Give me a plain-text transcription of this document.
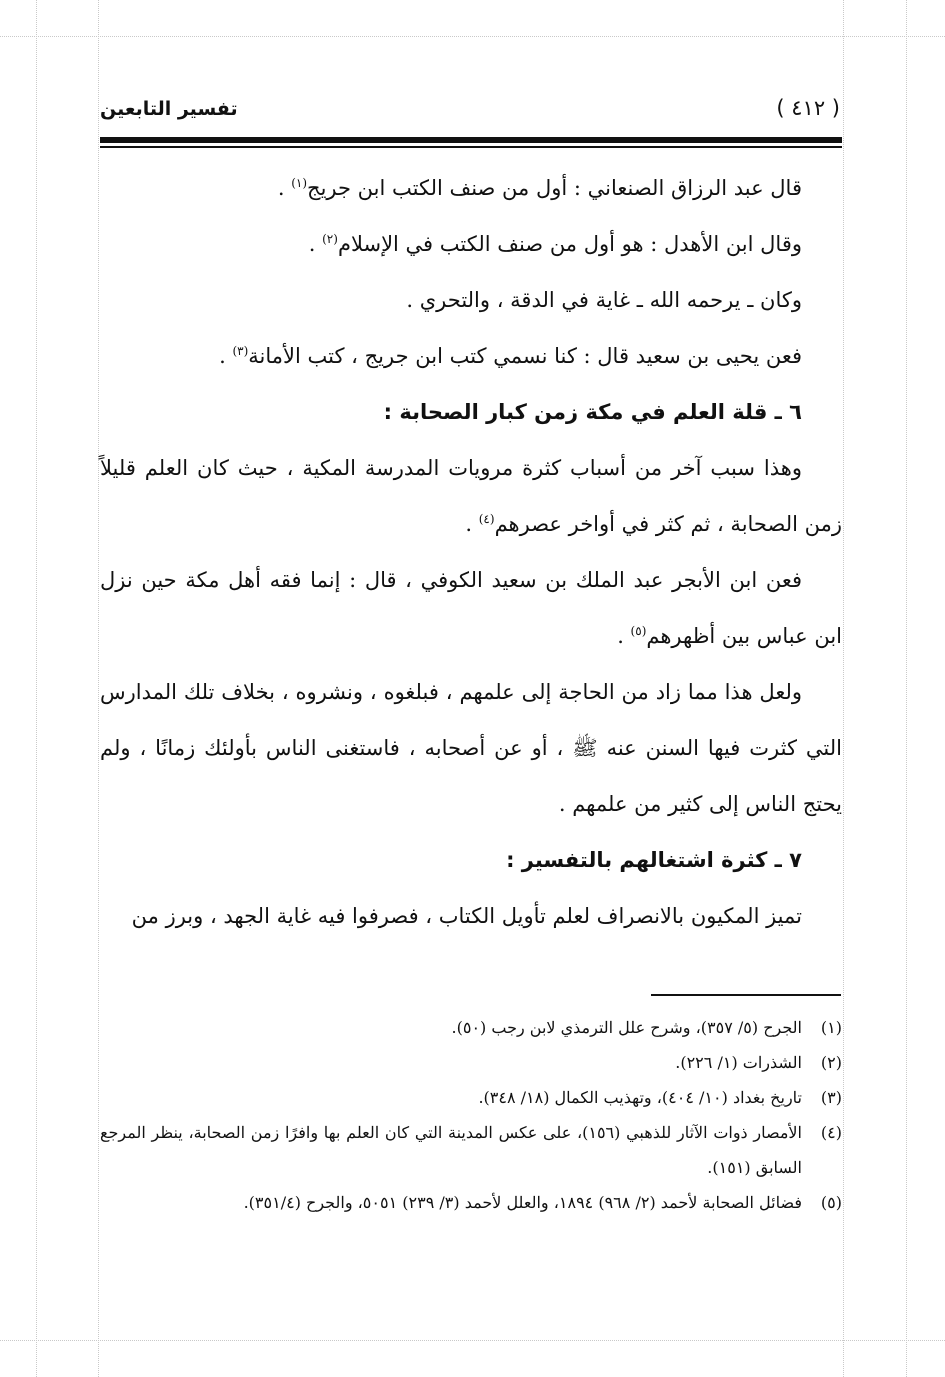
( ٤١٢ )
تفسير التابعين

قال عبد الرزاق الصنعاني : أول من صنف الكتب ابن جريج$^{(١)}$ .

وقال ابن الأهدل : هو أول من صنف الكتب في الإسلام$^{(٢)}$ .

وكان ـ يرحمه الله ـ غاية في الدقة ، والتحري .

فعن يحيى بن سعيد قال : كنا نسمي كتب ابن جريج ، كتب الأمانة$^{(٣)}$ .

٦ ـ قلة العلم في مكة زمن كبار الصحابة :

وهذا سبب آخر من أسباب كثرة مرويات المدرسة المكية ، حيث كان العلم قليلاً زمن الصحابة ، ثم كثر في أواخر عصرهم$^{(٤)}$ .

فعن ابن الأبجر عبد الملك بن سعيد الكوفي ، قال : إنما فقه أهل مكة حين نزل ابن عباس بين أظهرهم$^{(٥)}$ .

ولعل هذا مما زاد من الحاجة إلى علمهم ، فبلغوه ، ونشروه ، بخلاف تلك المدارس التي كثرت فيها السنن عنه ﷺ ، أو عن أصحابه ، فاستغنى الناس بأولئك زمانًا ، ولم يحتج الناس إلى كثير من علمهم .

٧ ـ كثرة اشتغالهم بالتفسير :

تميز المكيون بالانصراف لعلم تأويل الكتاب ، فصرفوا فيه غاية الجهد ، وبرز من

(١)
الجرح (٥/ ٣٥٧)، وشرح علل الترمذي لابن رجب (٥٠).

(٢)
الشذرات (١/ ٢٢٦).

(٣)
تاريخ بغداد (١٠/ ٤٠٤)، وتهذيب الكمال (١٨/ ٣٤٨).

(٤)
الأمصار ذوات الآثار للذهبي (١٥٦)، على عكس المدينة التي كان العلم بها وافرًا زمن الصحابة، ينظر المرجع السابق (١٥١).

(٥)
فضائل الصحابة لأحمد (٢/ ٩٦٨) ١٨٩٤، والعلل لأحمد (٣/ ٢٣٩) ٥٠٥١، والجرح (٣٥١/٤).
